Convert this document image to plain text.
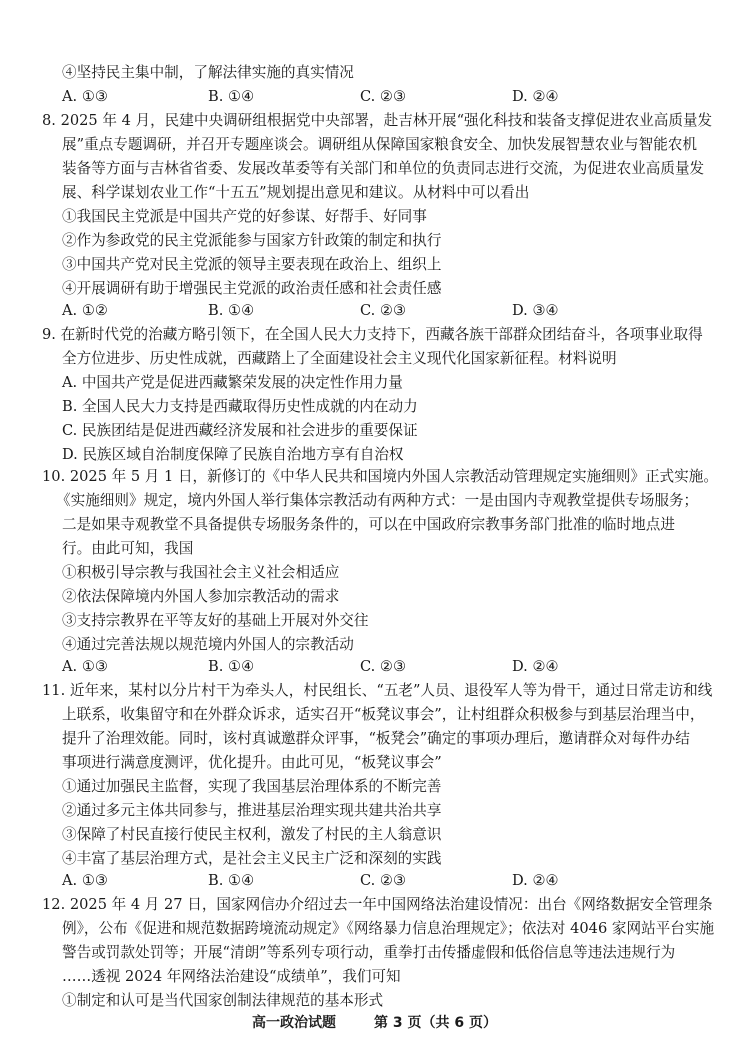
④坚持民主集中制，了解法律实施的真实情况
A. ①③	B. ①④	C. ②③	D. ②④
8. 2025 年 4 月，民建中央调研组根据党中央部署，赴吉林开展“强化科技和装备支撑促进农业高质量发
展”重点专题调研，并召开专题座谈会。调研组从保障国家粮食安全、加快发展智慧农业与智能农机
装备等方面与吉林省省委、发展改革委等有关部门和单位的负责同志进行交流，为促进农业高质量发
展、科学谋划农业工作“十五五”规划提出意见和建议。从材料中可以看出
①我国民主党派是中国共产党的好参谋、好帮手、好同事
②作为参政党的民主党派能参与国家方针政策的制定和执行
③中国共产党对民主党派的领导主要表现在政治上、组织上
④开展调研有助于增强民主党派的政治责任感和社会责任感
A. ①②	B. ①④	C. ②③	D. ③④
9. 在新时代党的治藏方略引领下，在全国人民大力支持下，西藏各族干部群众团结奋斗，各项事业取得
全方位进步、历史性成就，西藏踏上了全面建设社会主义现代化国家新征程。材料说明
A. 中国共产党是促进西藏繁荣发展的决定性作用力量
B. 全国人民大力支持是西藏取得历史性成就的内在动力
C. 民族团结是促进西藏经济发展和社会进步的重要保证
D. 民族区域自治制度保障了民族自治地方享有自治权
10. 2025 年 5 月 1 日，新修订的《中华人民共和国境内外国人宗教活动管理规定实施细则》正式实施。
《实施细则》规定，境内外国人举行集体宗教活动有两种方式：一是由国内寺观教堂提供专场服务；
二是如果寺观教堂不具备提供专场服务条件的，可以在中国政府宗教事务部门批准的临时地点进
行。由此可知，我国
①积极引导宗教与我国社会主义社会相适应
②依法保障境内外国人参加宗教活动的需求
③支持宗教界在平等友好的基础上开展对外交往
④通过完善法规以规范境内外国人的宗教活动
A. ①③	B. ①④	C. ②③	D. ②④
11. 近年来，某村以分片村干为牵头人，村民组长、“五老”人员、退役军人等为骨干，通过日常走访和线
上联系，收集留守和在外群众诉求，适实召开“板凳议事会”，让村组群众积极参与到基层治理当中，
提升了治理效能。同时，该村真诚邀群众评事，“板凳会”确定的事项办理后，邀请群众对每件办结
事项进行满意度测评，优化提升。由此可见，“板凳议事会”
①通过加强民主监督，实现了我国基层治理体系的不断完善
②通过多元主体共同参与，推进基层治理实现共建共治共享
③保障了村民直接行使民主权利，激发了村民的主人翁意识
④丰富了基层治理方式，是社会主义民主广泛和深刻的实践
A. ①③	B. ①④	C. ②③	D. ②④
12. 2025 年 4 月 27 日，国家网信办介绍过去一年中国网络法治建设情况：出台《网络数据安全管理条
例》，公布《促进和规范数据跨境流动规定》《网络暴力信息治理规定》；依法对 4046 家网站平台实施
警告或罚款处罚等；开展“清朗”等系列专项行动，重拳打击传播虚假和低俗信息等违法违规行为
……透视 2024 年网络法治建设“成绩单”，我们可知
①制定和认可是当代国家创制法律规范的基本形式
高一政治试题	第 3 页（共 6 页）
